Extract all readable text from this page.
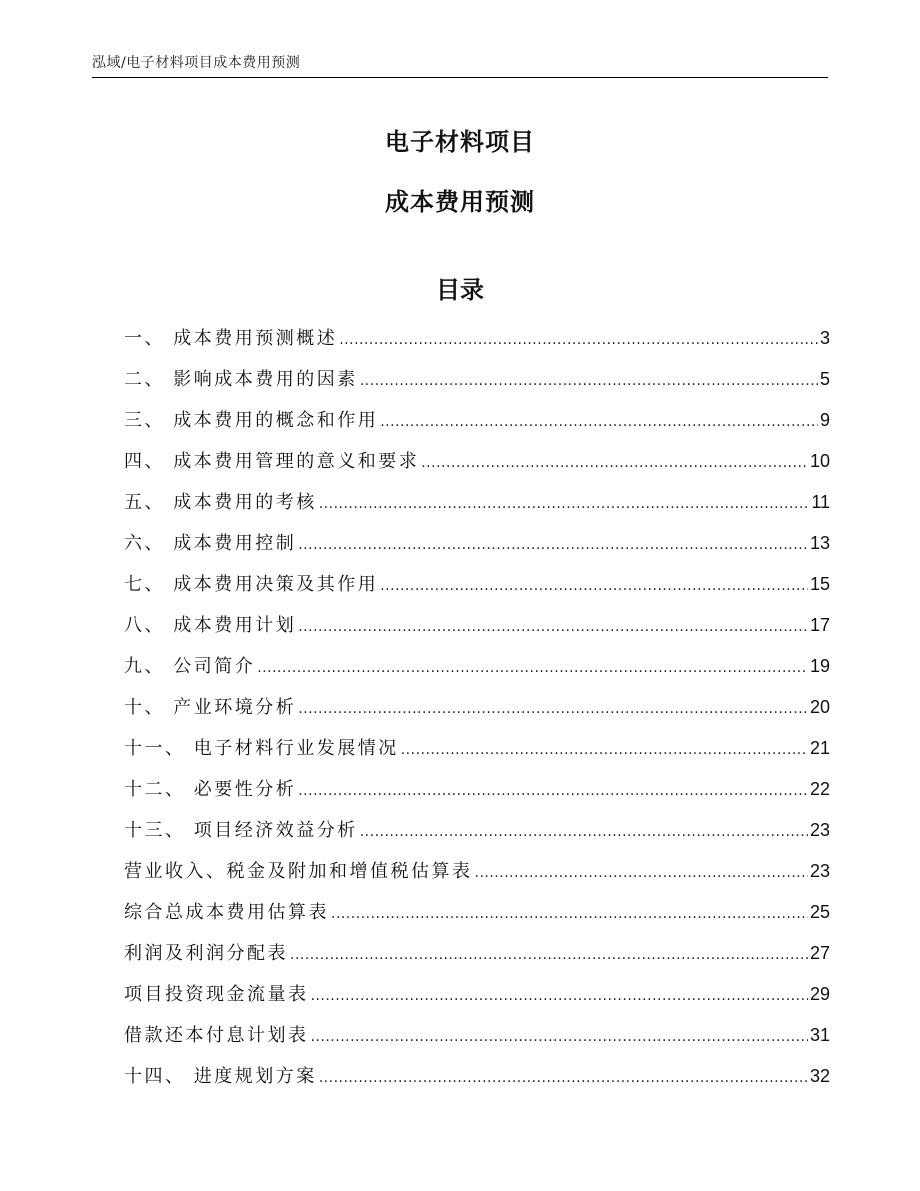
泓域/电子材料项目成本费用预测
电子材料项目
成本费用预测
目录
一、 成本费用预测概述 .....	3
二、 影响成本费用的因素 .....	5
三、 成本费用的概念和作用 .....	9
四、 成本费用管理的意义和要求 .....	10
五、 成本费用的考核 .....	11
六、 成本费用控制 .....	13
七、 成本费用决策及其作用 .....	15
八、 成本费用计划 .....	17
九、 公司简介 .....	19
十、 产业环境分析 .....	20
十一、 电子材料行业发展情况 .....	21
十二、 必要性分析 .....	22
十三、 项目经济效益分析 .....	23
营业收入、税金及附加和增值税估算表 .....	23
综合总成本费用估算表 .....	25
利润及利润分配表 .....	27
项目投资现金流量表 .....	29
借款还本付息计划表 .....	31
十四、 进度规划方案 .....	32
